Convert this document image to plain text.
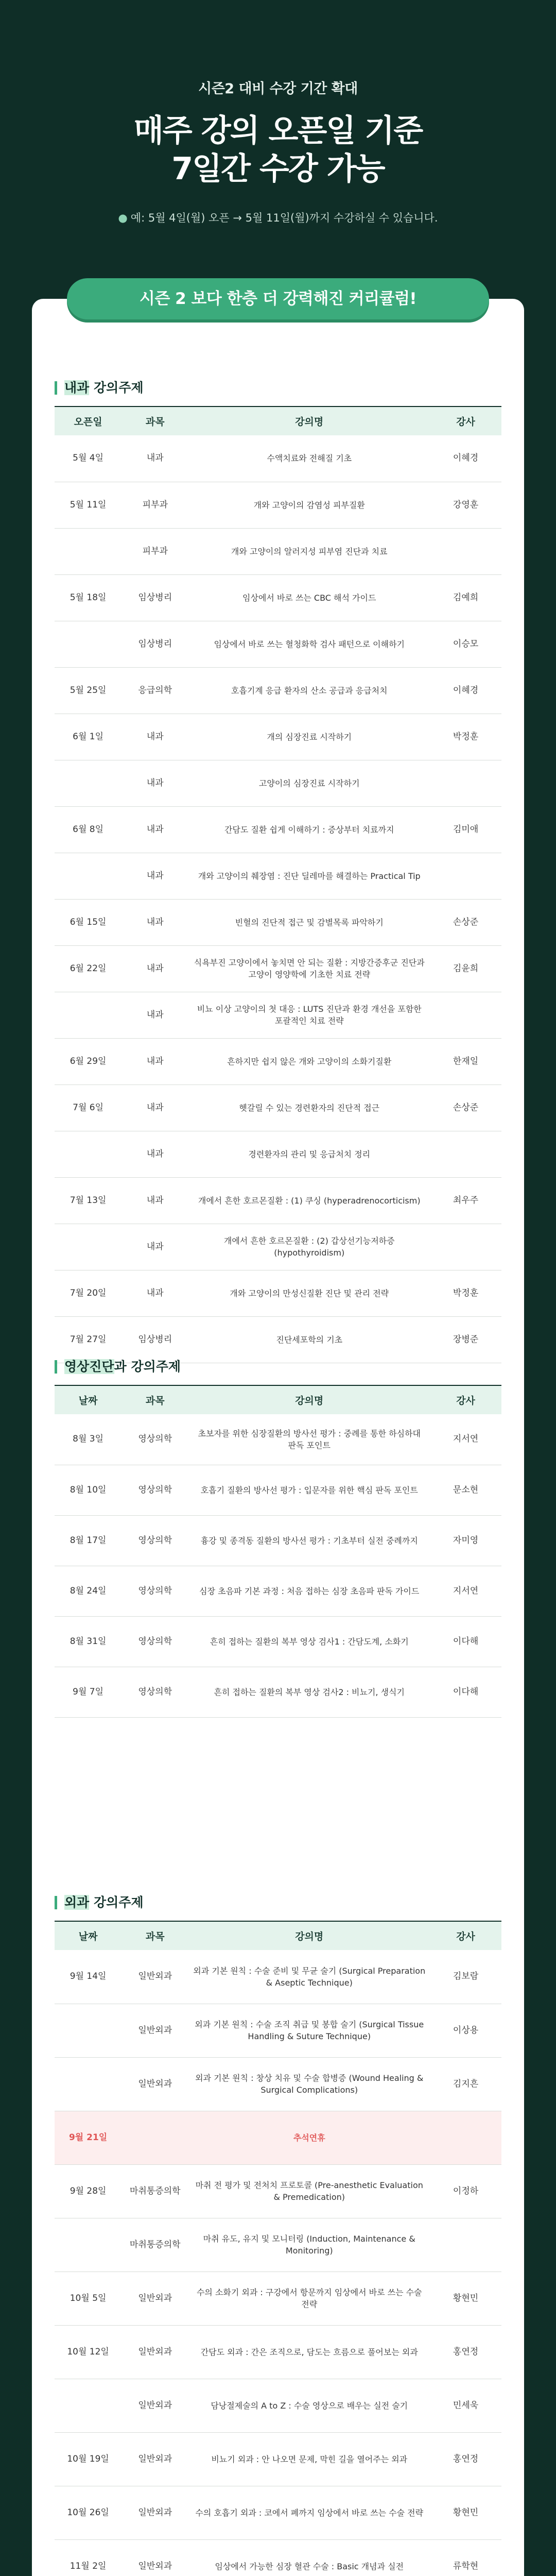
시즌2 대비 수강 기간 확대
매주 강의 오픈일 기준
7일간 수강 가능
● 예: 5월 4일(월) 오픈 → 5월 11일(월)까지 수강하실 수 있습니다.
시즌 2 보다 한층 더 강력해진 커리큘럼!
내과 강의주제
오픈일	과목	강의명	강사
5월 4일	내과	수액치료와 전해질 기초	이혜경
5월 11일	피부과	개와 고양이의 감염성 피부질환	강영훈
	피부과	개와 고양이의 알러지성 피부염 진단과 치료	
5월 18일	임상병리	임상에서 바로 쓰는 CBC 해석 가이드	김예희
	임상병리	임상에서 바로 쓰는 혈청화학 검사 패턴으로 이해하기	이승모
5월 25일	응급의학	호흡기계 응급 환자의 산소 공급과 응급처치	이혜경
6월 1일	내과	개의 심장진료 시작하기	박정훈
	내과	고양이의 심장진료 시작하기	
6월 8일	내과	간담도 질환 쉽게 이해하기 : 증상부터 치료까지	김미애
	내과	개와 고양이의 췌장염 : 진단 딜레마를 해결하는 Practical Tip	
6월 15일	내과	빈혈의 진단적 접근 및 감별목록 파악하기	손상준
6월 22일	내과	식욕부진 고양이에서 놓치면 안 되는 질환 : 지방간증후군 진단과 고양이 영양학에 기초한 치료 전략	김윤희
	내과	비뇨 이상 고양이의 첫 대응 : LUTS 진단과 환경 개선을 포함한 포괄적인 치료 전략	
6월 29일	내과	흔하지만 쉽지 않은 개와 고양이의 소화기질환	한재일
7월 6일	내과	헷갈릴 수 있는 경련환자의 진단적 접근	손상준
	내과	경련환자의 관리 및 응급처치 정리	
7월 13일	내과	개에서 흔한 호르몬질환 : (1) 쿠싱 (hyperadrenocorticism)	최우주
	내과	개에서 흔한 호르몬질환 : (2) 갑상선기능저하증 (hypothyroidism)	
7월 20일	내과	개와 고양이의 만성신질환 진단 및 관리 전략	박정훈
7월 27일	임상병리	진단세포학의 기초	장병준
영상진단과 강의주제
날짜	과목	강의명	강사
8월 3일	영상의학	초보자를 위한 심장질환의 방사선 평가 : 중례를 통한 하심하대 판독 포인트	지서연
8월 10일	영상의학	호흡기 질환의 방사선 평가 : 입문자를 위한 핵심 판독 포인트	문소현
8월 17일	영상의학	흉강 및 종격동 질환의 방사선 평가 : 기초부터 실전 중례까지	자미영
8월 24일	영상의학	심장 초음파 기본 과정 : 처음 접하는 심장 초음파 판독 가이드	지서연
8월 31일	영상의학	흔히 접하는 질환의 복부 영상 검사1 : 간담도계, 소화기	이다해
9월 7일	영상의학	흔히 접하는 질환의 복부 영상 검사2 : 비뇨기, 생식기	이다해
외과 강의주제
날짜	과목	강의명	강사
9월 14일	일반외과	외과 기본 원칙 : 수술 준비 및 무균 술기 (Surgical Preparation & Aseptic Technique)	김보람
	일반외과	외과 기본 원칙 : 수술 조직 취급 및 봉합 술기 (Surgical Tissue Handling & Suture Technique)	이상용
	일반외과	외과 기본 원칙 : 창상 치유 및 수술 합병증 (Wound Healing & Surgical Complications)	김지흔
9월 21일		추석연휴	
9월 28일	마취통증의학	마취 전 평가 및 전처치 프로토콜 (Pre-anesthetic Evaluation & Premedication)	이정하
	마취통증의학	마취 유도, 유지 및 모니터링 (Induction, Maintenance & Monitoring)	
10월 5일	일반외과	수의 소화기 외과 : 구강에서 항문까지 임상에서 바로 쓰는 수술 전략	황현민
10월 12일	일반외과	간담도 외과 : 간은 조직으로, 담도는 흐름으로 풀어보는 외과	홍연정
	일반외과	담낭절제술의 A to Z : 수술 영상으로 배우는 실전 술기	민세욱
10월 19일	일반외과	비뇨기 외과 : 안 나오면 문제, 막힌 길을 열어주는 외과	홍연정
10월 26일	일반외과	수의 호흡기 외과 : 코에서 폐까지 임상에서 바로 쓰는 수술 전략	황현민
11월 2일	일반외과	임상에서 가능한 심장 혈관 수술 : Basic 개념과 실전	류학현
